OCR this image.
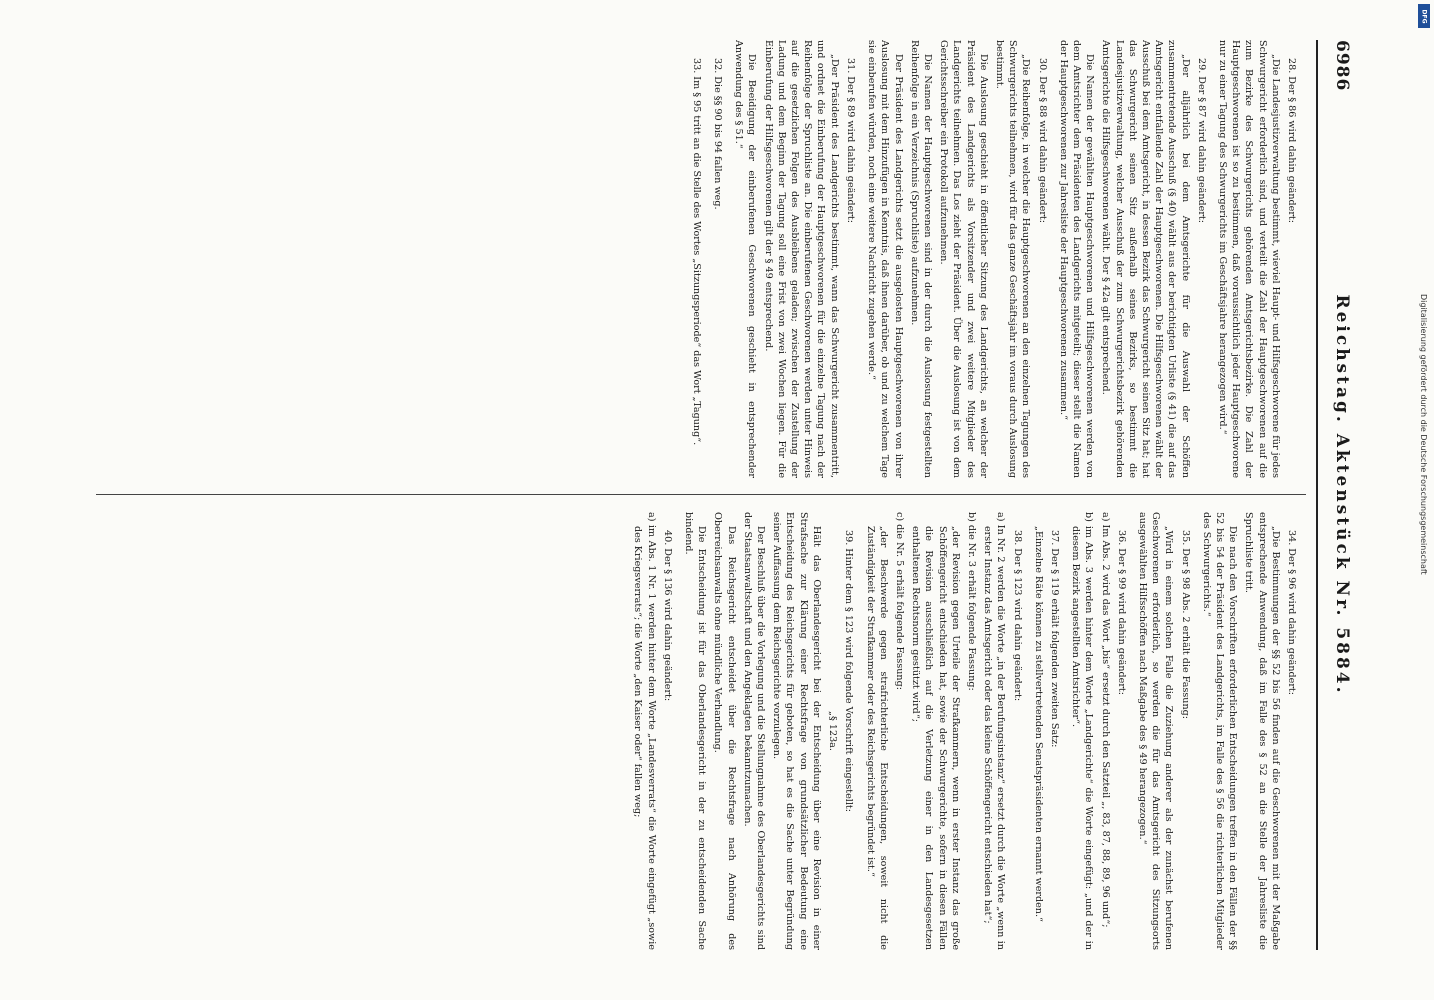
6986
Reichstag. Aktenstück Nr. 5884.

28. Der § 86 wird dahin geändert:

„Die Landesjustizverwaltung bestimmt, wieviel Haupt- und Hilfsgeschworene für jedes Schwurgericht erforderlich sind, und verteilt die Zahl der Hauptgeschworenen auf die zum Bezirke des Schwurgerichts gehörenden Amtsgerichtsbezirke. Die Zahl der Hauptgeschworenen ist so zu bestimmen, daß voraussichtlich jeder Hauptgeschworene nur zu einer Tagung des Schwurgerichts im Geschäftsjahre herangezogen wird.“

29. Der § 87 wird dahin geändert:

„Der alljährlich bei dem Amtsgerichte für die Auswahl der Schöffen zusammentretende Ausschuß (§ 40) wählt aus der berichtigten Urliste (§ 41) die auf das Amtsgericht entfallende Zahl der Hauptgeschworenen. Die Hilfsgeschworenen wählt der Ausschuß bei dem Amtsgericht, in dessen Bezirk das Schwurgericht seinen Sitz hat; hat das Schwurgericht seinen Sitz außerhalb seines Bezirks, so bestimmt die Landesjustizverwaltung, welcher Ausschuß der zum Schwurgerichtsbezirk gehörenden Amtsgerichte die Hilfsgeschworenen wählt. Der § 42a gilt entsprechend.

Die Namen der gewählten Hauptgeschworenen und Hilfsgeschworenen werden von dem Amtsrichter dem Präsidenten des Landgerichts mitgeteilt; dieser stellt die Namen der Hauptgeschworenen zur Jahresliste der Hauptgeschworenen zusammen.“

30. Der § 88 wird dahin geändert:

„Die Reihenfolge, in welcher die Hauptgeschworenen an den einzelnen Tagungen des Schwurgerichts teilnehmen, wird für das ganze Geschäftsjahr im voraus durch Auslosung bestimmt.

Die Auslosung geschieht in öffentlicher Sitzung des Landgerichts, an welcher der Präsident des Landgerichts als Vorsitzender und zwei weitere Mitglieder des Landgerichts teilnehmen. Das Los zieht der Präsident. Über die Auslosung ist von dem Gerichtsschreiber ein Protokoll aufzunehmen.

Die Namen der Hauptgeschworenen sind in der durch die Auslosung festgestellten Reihenfolge in ein Verzeichnis (Spruchliste) aufzunehmen.

Der Präsident des Landgerichts setzt die ausgelosten Hauptgeschworenen von ihrer Auslosung mit dem Hinzufügen in Kenntnis, daß ihnen darüber, ob und zu welchem Tage sie einberufen würden, noch eine weitere Nachricht zugehen werde.“

31. Der § 89 wird dahin geändert:

„Der Präsident des Landgerichts bestimmt, wann das Schwurgericht zusammentritt, und ordnet die Einberufung der Hauptgeschworenen für die einzelne Tagung nach der Reihenfolge der Spruchliste an. Die einberufenen Geschworenen werden unter Hinweis auf die gesetzlichen Folgen des Ausbleibens geladen; zwischen der Zustellung der Ladung und dem Beginn der Tagung soll eine Frist von zwei Wochen liegen. Für die Einberufung der Hilfsgeschworenen gilt der § 49 entsprechend.

Die Beeidigung der einberufenen Geschworenen geschieht in entsprechender Anwendung des § 51.“

32. Die §§ 90 bis 94 fallen weg.

33. Im § 95 tritt an die Stelle des Wortes „Sitzungsperiode“ das Wort „Tagung“.

34. Der § 96 wird dahin geändert:

„Die Bestimmungen der §§ 52 bis 56 finden auf die Geschworenen mit der Maßgabe entsprechende Anwendung, daß im Falle des § 52 an die Stelle der Jahresliste die Spruchliste tritt.

Die nach den Vorschriften erforderlichen Entscheidungen treffen in den Fällen der §§ 52 bis 54 der Präsident des Landgerichts, im Falle des § 56 die richterlichen Mitglieder des Schwurgerichts.“

35. Der § 98 Abs. 2 erhält die Fassung:

„Wird in einem solchen Falle die Zuziehung anderer als der zunächst berufenen Geschworenen erforderlich, so werden die für das Amtsgericht des Sitzungsorts ausgewählten Hilfsschöffen nach Maßgabe des § 49 herangezogen.“

36. Der § 99 wird dahin geändert:

a) Im Abs. 2 wird das Wort „bis“ ersetzt durch den Satzteil „, 83, 87, 88, 89, 96 und“;

b) im Abs. 3 werden hinter dem Worte „Landgerichte“ die Worte eingefügt: „und der in diesem Bezirk angestellten Amtsrichter“.

37. Der § 119 erhält folgenden zweiten Satz:

„Einzelne Räte können zu stellvertretenden Senatspräsidenten ernannt werden.“

38. Der § 123 wird dahin geändert:

a) In Nr. 2 werden die Worte „in der Berufungsinstanz“ ersetzt durch die Worte „wenn in erster Instanz das Amtsgericht oder das kleine Schöffengericht entschieden hat“;

b) die Nr. 3 erhält folgende Fassung:

„der Revision gegen Urteile der Strafkammern, wenn in erster Instanz das große Schöffengericht entschieden hat, sowie der Schwurgerichte, sofern in diesen Fällen die Revision ausschließlich auf die Verletzung einer in den Landesgesetzen enthaltenen Rechtsnorm gestützt wird“;

c) die Nr. 5 erhält folgende Fassung:

„der Beschwerde gegen strafrichterliche Entscheidungen, soweit nicht die Zuständigkeit der Strafkammer oder des Reichsgerichts begründet ist.“

39. Hinter dem § 123 wird folgende Vorschrift eingestellt:

„§ 123a.

Hält das Oberlandesgericht bei der Entscheidung über eine Revision in einer Strafsache zur Klärung einer Rechtsfrage von grundsätzlicher Bedeutung eine Entscheidung des Reichsgerichts für geboten, so hat es die Sache unter Begründung seiner Auffassung dem Reichsgerichte vorzulegen.

Der Beschluß über die Vorlegung und die Stellungnahme des Oberlandesgerichts sind der Staatsanwaltschaft und den Angeklagten bekanntzumachen.

Das Reichsgericht entscheidet über die Rechtsfrage nach Anhörung des Oberreichsanwalts ohne mündliche Verhandlung.

Die Entscheidung ist für das Oberlandesgericht in der zu entscheidenden Sache bindend.

40. Der § 136 wird dahin geändert:

a) im Abs. 1 Nr. 1 werden hinter dem Worte „Landesverrats“ die Worte eingefügt „sowie des Kriegsverrats“; die Worte „den Kaiser oder“ fallen weg;

DFG
Digitalisierung gefördert durch die Deutsche Forschungsgemeinschaft
